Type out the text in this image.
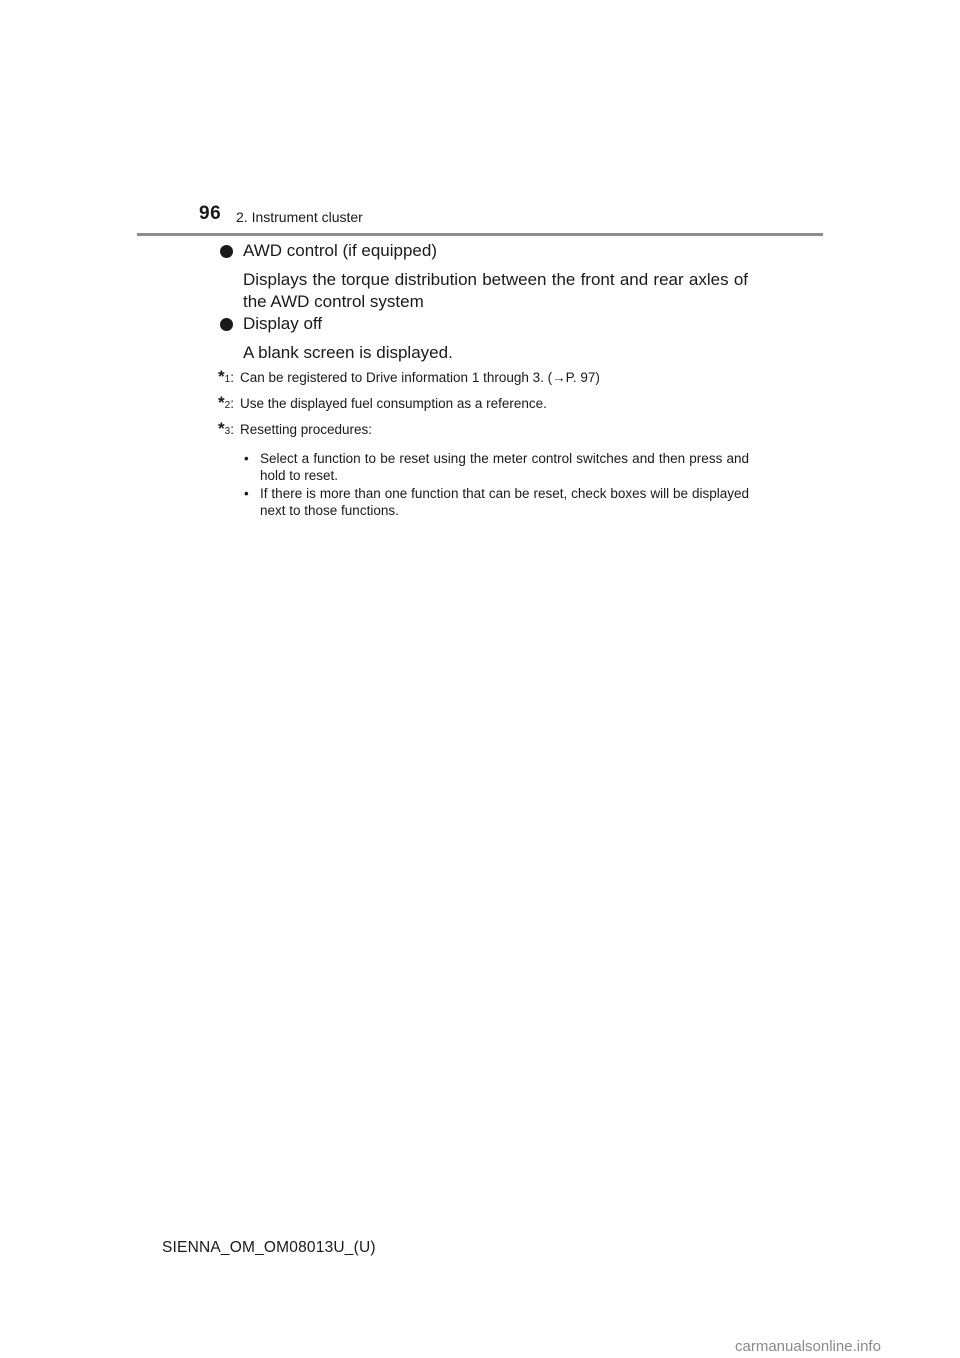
96 2. Instrument cluster
AWD control (if equipped)
Displays the torque distribution between the front and rear axles of the AWD control system
Display off
A blank screen is displayed.
* 1 : Can be registered to Drive information 1 through 3. (→P. 97)
* 2 : Use the displayed fuel consumption as a reference.
* 3 : Resetting procedures:
• Select a function to be reset using the meter control switches and then press and hold to reset.
• If there is more than one function that can be reset, check boxes will be displayed next to those functions.
SIENNA_OM_OM08013U_(U)
carmanualsonline.info
